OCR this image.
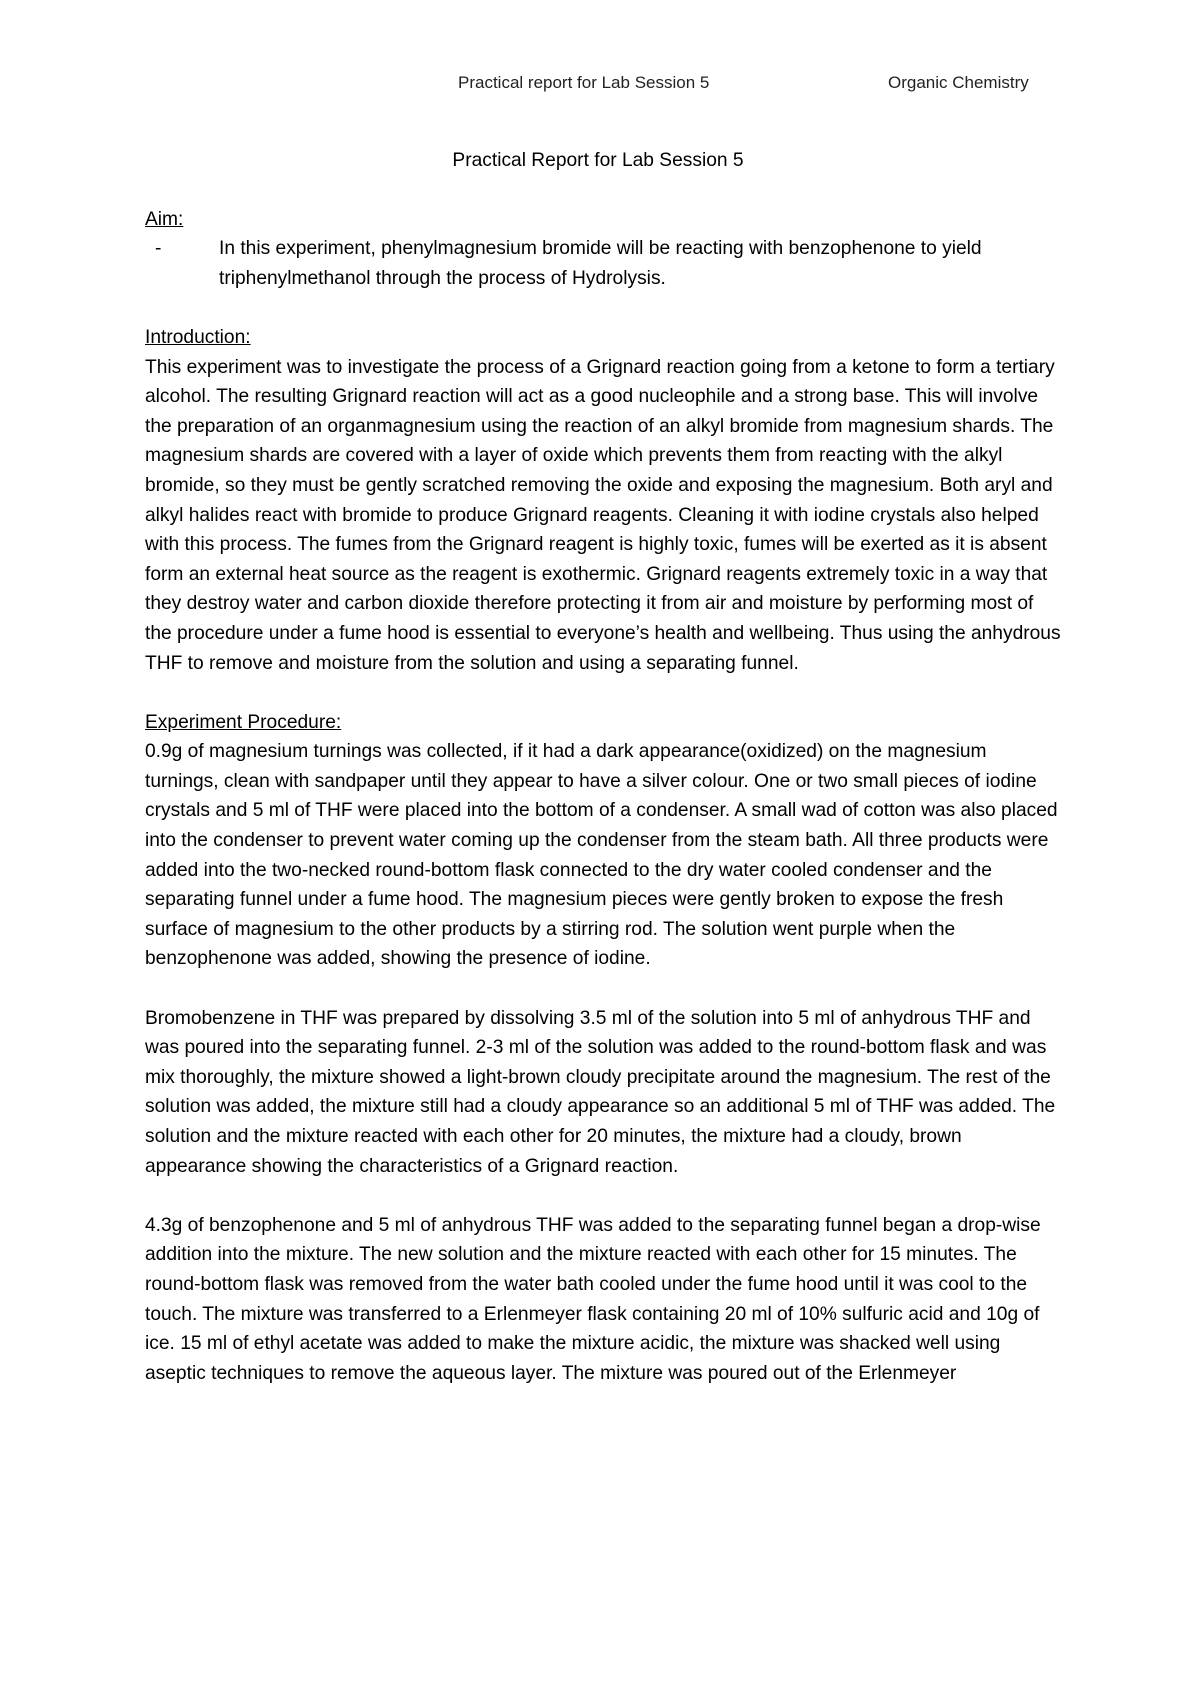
Practical report for Lab Session 5	Organic Chemistry
Practical Report for Lab Session 5
Aim:
-	In this experiment, phenylmagnesium bromide will be reacting with benzophenone to yield triphenylmethanol through the process of Hydrolysis.
Introduction:

This experiment was to investigate the process of a Grignard reaction going from a ketone to form a tertiary alcohol. The resulting Grignard reaction will act as a good nucleophile and a strong base. This will involve the preparation of an organmagnesium using the reaction of an alkyl bromide from magnesium shards. The magnesium shards are covered with a layer of oxide which prevents them from reacting with the alkyl bromide, so they must be gently scratched removing the oxide and exposing the magnesium. Both aryl and alkyl halides react with bromide to produce Grignard reagents. Cleaning it with iodine crystals also helped with this process. The fumes from the Grignard reagent is highly toxic, fumes will be exerted as it is absent form an external heat source as the reagent is exothermic. Grignard reagents extremely toxic in a way that they destroy water and carbon dioxide therefore protecting it from air and moisture by performing most of the procedure under a fume hood is essential to everyone’s health and wellbeing. Thus using the anhydrous THF to remove and moisture from the solution and using a separating funnel.

Experiment Procedure:

0.9g of magnesium turnings was collected, if it had a dark appearance(oxidized) on the magnesium turnings, clean with sandpaper until they appear to have a silver colour. One or two small pieces of iodine crystals and 5 ml of THF were placed into the bottom of a condenser. A small wad of cotton was also placed into the condenser to prevent water coming up the condenser from the steam bath. All three products were added into the two-necked round-bottom flask connected to the dry water cooled condenser and the separating funnel under a fume hood. The magnesium pieces were gently broken to expose the fresh surface of magnesium to the other products by a stirring rod. The solution went purple when the benzophenone was added, showing the presence of iodine.

Bromobenzene in THF was prepared by dissolving 3.5 ml of the solution into 5 ml of anhydrous THF and was poured into the separating funnel. 2-3 ml of the solution was added to the round-bottom flask and was mix thoroughly, the mixture showed a light-brown cloudy precipitate around the magnesium. The rest of the solution was added, the mixture still had a cloudy appearance so an additional 5 ml of THF was added. The solution and the mixture reacted with each other for 20 minutes, the mixture had a cloudy, brown appearance showing the characteristics of a Grignard reaction.

4.3g of benzophenone and 5 ml of anhydrous THF was added to the separating funnel began a drop-wise addition into the mixture. The new solution and the mixture reacted with each other for 15 minutes. The round-bottom flask was removed from the water bath cooled under the fume hood until it was cool to the touch. The mixture was transferred to a Erlenmeyer flask containing 20 ml of 10% sulfuric acid and 10g of ice. 15 ml of ethyl acetate was added to make the mixture acidic, the mixture was shacked well using aseptic techniques to remove the aqueous layer. The mixture was poured out of the Erlenmeyer
